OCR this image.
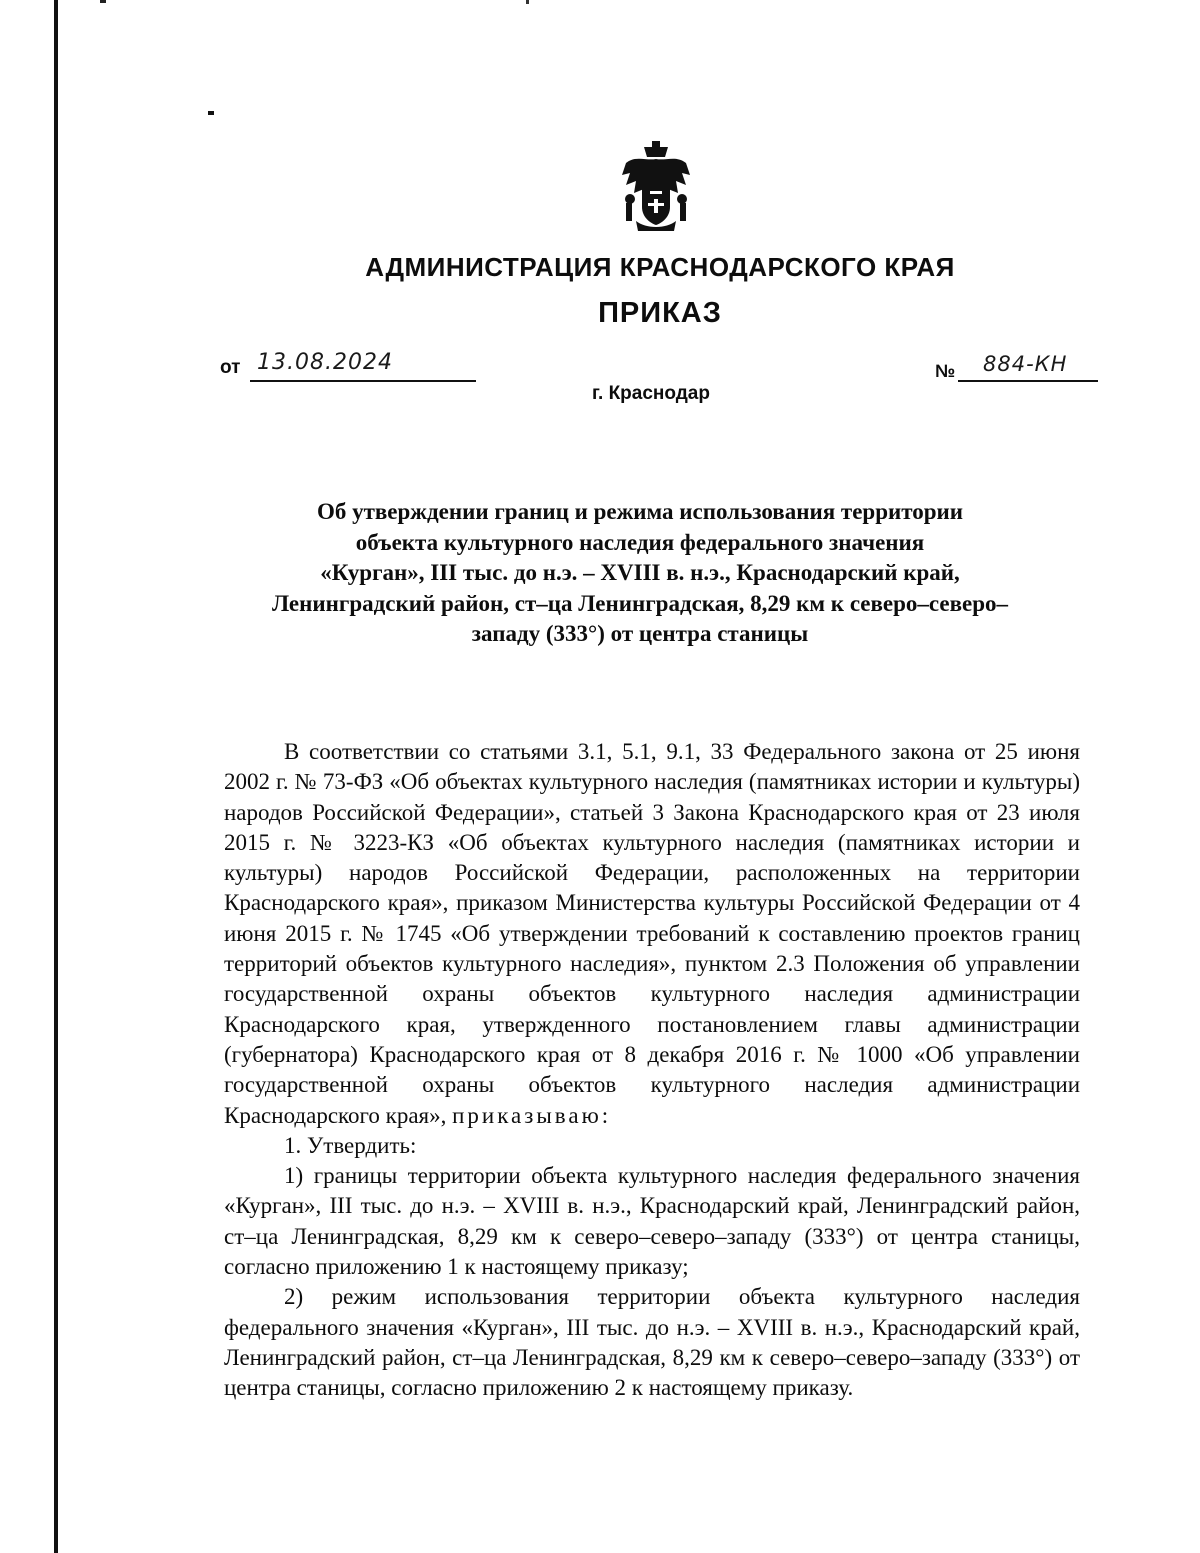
АДМИНИСТРАЦИЯ КРАСНОДАРСКОГО КРАЯ
ПРИКАЗ
от 13.08.2024	№ 884-КН
г. Краснодар
Об утверждении границ и режима использования территории
объекта культурного наследия федерального значения
«Курган», III тыс. до н.э. – XVIII в. н.э., Краснодарский край,
Ленинградский район, ст–ца Ленинградская, 8,29 км к северо–северо–
западу (333°) от центра станицы

В соответствии со статьями 3.1, 5.1, 9.1, 33 Федерального закона от 25 июня 2002 г. № 73-ФЗ «Об объектах культурного наследия (памятниках истории и культуры) народов Российской Федерации», статьей 3 Закона Краснодарского края от 23 июля 2015 г. № 3223-КЗ «Об объектах культурного наследия (памятниках истории и культуры) народов Российской Федерации, расположенных на территории Краснодарского края», приказом Министерства культуры Российской Федерации от 4 июня 2015 г. № 1745 «Об утверждении требований к составлению проектов границ территорий объектов культурного наследия», пунктом 2.3 Положения об управлении государственной охраны объектов культурного наследия администрации Краснодарского края, утвержденного постановлением главы администрации (губернатора) Краснодарского края от 8 декабря 2016 г. № 1000 «Об управлении государственной охраны объектов культурного наследия администрации Краснодарского края», приказываю:

1. Утвердить:

1) границы территории объекта культурного наследия федерального значения «Курган», III тыс. до н.э. – XVIII в. н.э., Краснодарский край, Ленинградский район, ст–ца Ленинградская, 8,29 км к северо–северо–западу (333°) от центра станицы, согласно приложению 1 к настоящему приказу;

2) режим использования территории объекта культурного наследия федерального значения «Курган», III тыс. до н.э. – XVIII в. н.э., Краснодарский край, Ленинградский район, ст–ца Ленинградская, 8,29 км к северо–северо–западу (333°) от центра станицы, согласно приложению 2 к настоящему приказу.
